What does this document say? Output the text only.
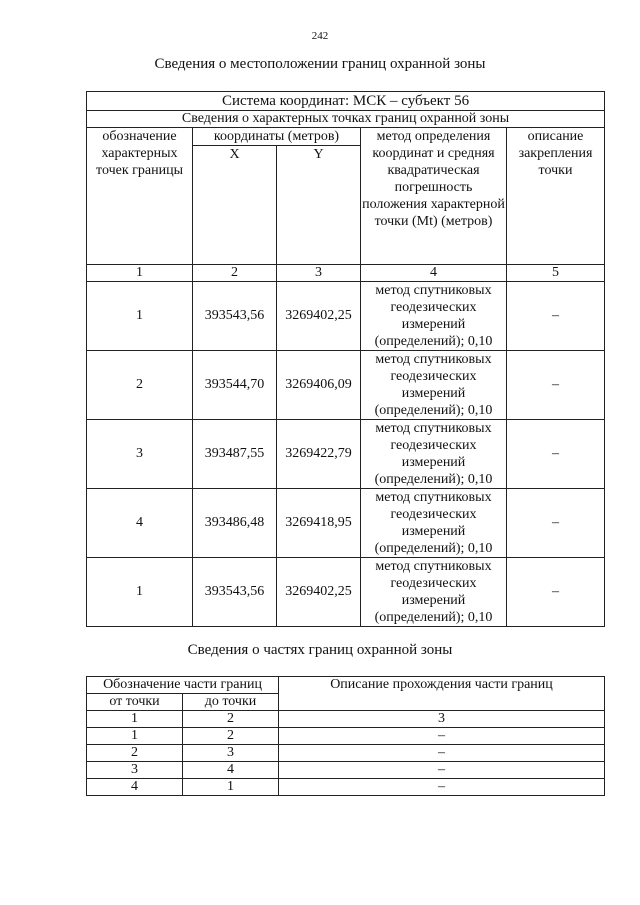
242
Сведения о местоположении границ охранной зоны
Система координат: МСК – субъект 56				
Сведения о характерных точках границ охранной зоны				
обозначение характерных точек границы	координаты (метров)		метод определения координат и средняя квадратическая погрешность положения характерной точки (Mt) (метров)	описание закрепления точки
	X	Y		
1	2	3	4	5
1	393543,56	3269402,25	метод спутниковых геодезических измерений (определений); 0,10	–
2	393544,70	3269406,09	метод спутниковых геодезических измерений (определений); 0,10	–
3	393487,55	3269422,79	метод спутниковых геодезических измерений (определений); 0,10	–
4	393486,48	3269418,95	метод спутниковых геодезических измерений (определений); 0,10	–
1	393543,56	3269402,25	метод спутниковых геодезических измерений (определений); 0,10	–
Сведения о частях границ охранной зоны
Обозначение части границ		Описание прохождения части границ
от точки	до точки	
1	2	3
1	2	–
2	3	–
3	4	–
4	1	–
